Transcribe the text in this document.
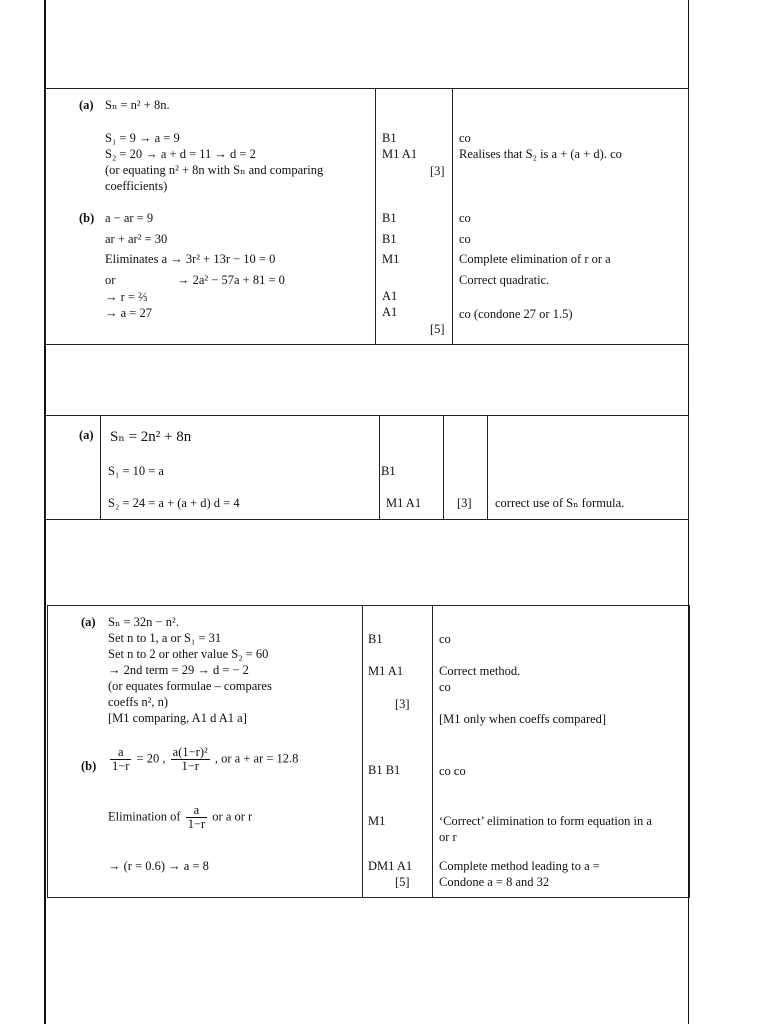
(a) Sₙ = n² + 8n.
S₁ = 9 → a = 9
S₂ = 20 → a + d = 11 → d = 2
(or equating n² + 8n with Sₙ and comparing
coefficients)
B1
M1 A1
[3]
co
Realises that S₂ is a + (a + d). co
(b) a − ar = 9
ar + ar² = 30
Eliminates a → 3r² + 13r − 10 = 0
or	→ 2a² − 57a + 81 = 0
→ r = ⅔
→ a = 27
B1
B1
M1
A1
A1
[5]
co
co
Complete elimination of r or a
Correct quadratic.
co (condone 27 or 1.5)
(a) Sₙ = 2n² + 8n
S₁ = 10 = a
S₂ = 24 = a + (a + d) d = 4
B1
M1 A1	[3] correct use of Sₙ formula.
(a) Sₙ = 32n − n².
Set n to 1, a or S₁ = 31
Set n to 2 or other value S₂ = 60
→ 2nd term = 29 → d = − 2
(or equates formulae – compares
coeffs n², n)
[M1 comparing, A1 d A1 a]
B1
M1 A1
[3]
co
Correct method.
co
[M1 only when coeffs compared]
$(b) \frac{a}{1-r} = 20$ , $\frac{\text{a(1−r)²}}{1-r}$ , or a + ar = 12.8
Elimination of $\frac{a}{1-r}$ or a or r
→ (r = 0.6) → a = 8
B1 B1
M1
DM1 A1
[5]
co co
‘Correct’ elimination to form equation in a
or r
Complete method leading to a =
Condone a = 8 and 32
